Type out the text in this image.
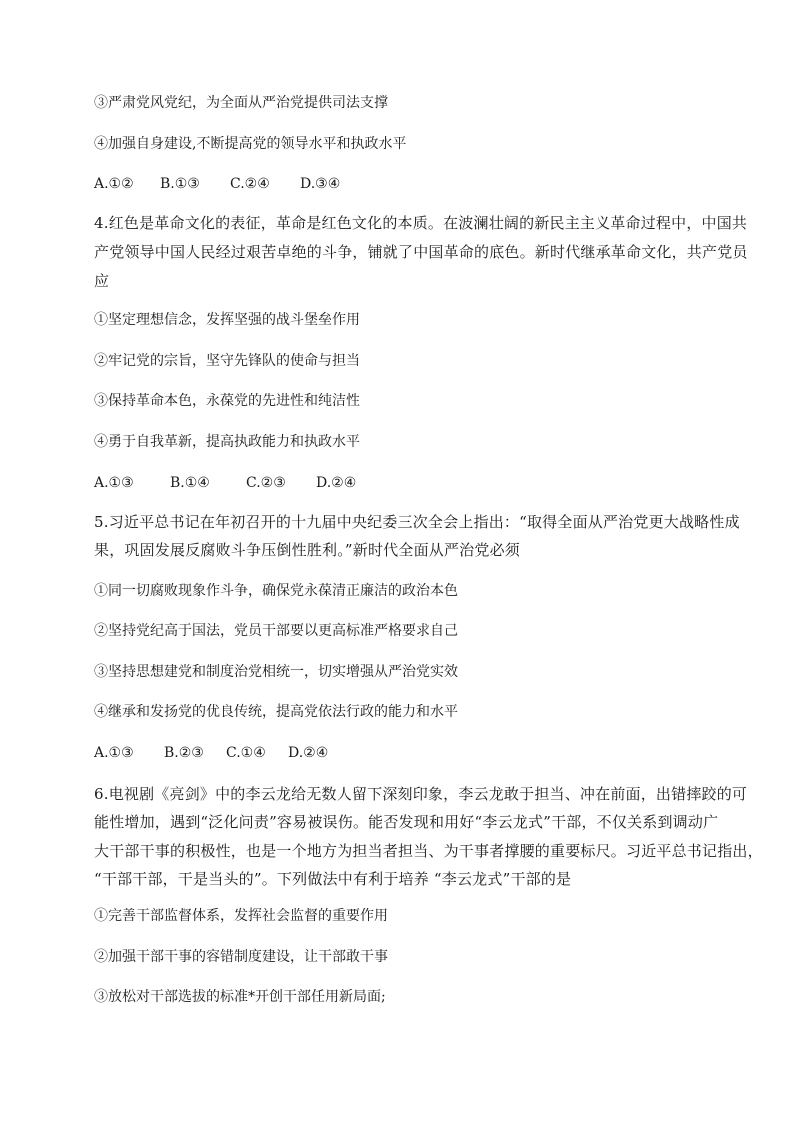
③严肃党风党纪，为全面从严治党提供司法支撑
④加强自身建设,不断提高党的领导水平和执政水平
A.①② B.①③ C.②④ D.③④
4.红色是革命文化的表征，革命是红色文化的本质。在波澜壮阔的新民主主义革命过程中，中国共
产党领导中国人民经过艰苦卓绝的斗争，铺就了中国革命的底色。新时代继承革命文化，共产党员
应
①坚定理想信念，发挥坚强的战斗堡垒作用
②牢记党的宗旨，坚守先锋队的使命与担当
③保持革命本色，永葆党的先进性和纯洁性
④勇于自我革新，提高执政能力和执政水平
A.①③	B.①④	C.②③ D.②④
5.习近平总书记在年初召开的十九届中央纪委三次全会上指出：“取得全面从严治党更大战略性成
果，巩固发展反腐败斗争压倒性胜利。”新时代全面从严治党必须
①同一切腐败现象作斗争，确保党永葆清正廉洁的政治本色
②坚持党纪高于国法，党员干部要以更高标准严格要求自己
③坚持思想建党和制度治党相统一，切实增强从严治党实效
④继承和发扬党的优良传统，提高党依法行政的能力和水平
A.①③ B.②③ C.①④ D.②④
6.电视剧《亮剑》中的李云龙给无数人留下深刻印象，李云龙敢于担当、冲在前面，出错摔跤的可
能性增加，遇到“泛化问责”容易被误伤。能否发现和用好“李云龙式”干部，不仅关系到调动广
大干部干事的积极性，也是一个地方为担当者担当、为干事者撑腰的重要标尺。习近平总书记指出，
“干部干部，干是当头的”。下列做法中有利于培养 “李云龙式”干部的是
①完善干部监督体系，发挥社会监督的重要作用
②加强干部干事的容错制度建设，让干部敢干事
③放松对干部选拔的标准*开创干部任用新局面;
